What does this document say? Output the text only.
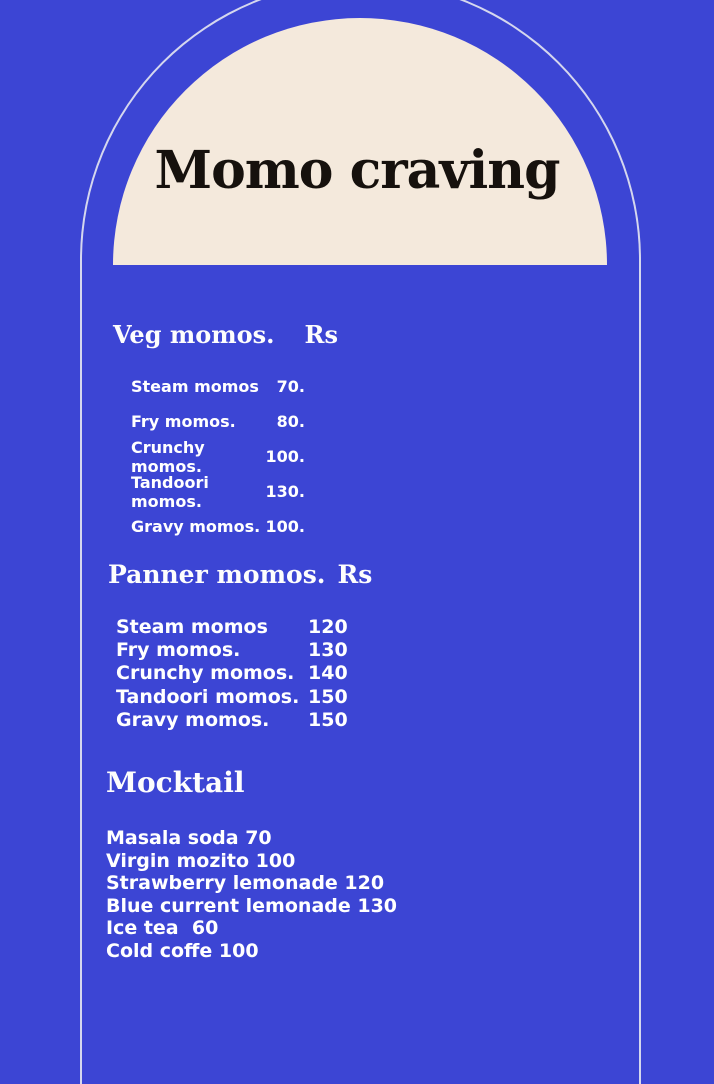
Momo craving
Veg momos. Rs
Steam momos	70.
Fry momos.	80.
Crunchy momos.	100.
Tandoori momos.	130.
Gravy momos. 100.
Panner momos. Rs
Steam momos	120
Fry momos.	130
Crunchy momos. 140
Tandoori momos. 150
Gravy momos.	150
Mocktail
Masala soda 70
Virgin mozito 100
Strawberry lemonade 120
Blue current lemonade 130
Ice tea  60
Cold coffe 100
